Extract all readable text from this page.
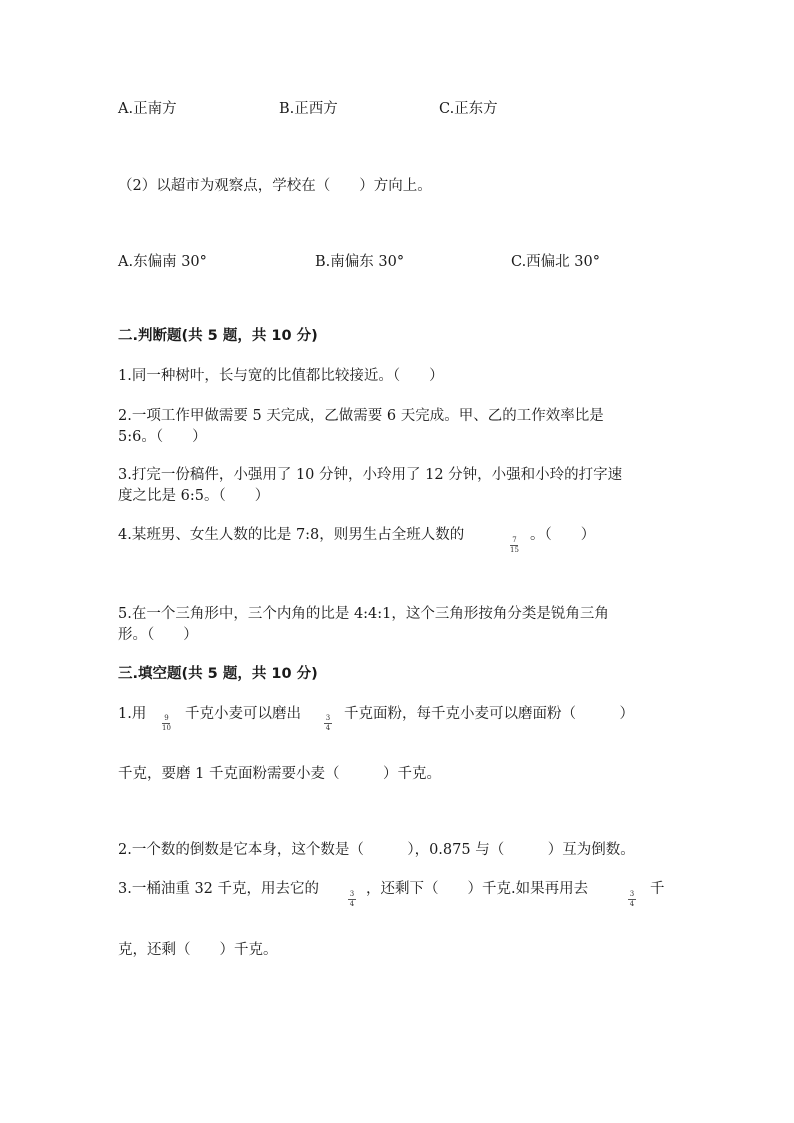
A.正南方	B.正西方	C.正东方
（2）以超市为观察点，学校在（　　）方向上。
A.东偏南 30°	B.南偏东 30°	C.西偏北 30°
二.判断题(共 5 题，共 10 分)
1.同一种树叶，长与宽的比值都比较接近。（　　）
2.一项工作甲做需要 5 天完成，乙做需要 6 天完成。甲、乙的工作效率比是
5:6。（　　）
3.打完一份稿件，小强用了 10 分钟，小玲用了 12 分钟，小强和小玲的打字速
度之比是 6:5。（　　）
4.某班男、女生人数的比是 7:8，则男生占全班人数的	7
15
。（　　）
5.在一个三角形中，三个内角的比是 4:4:1，这个三角形按角分类是锐角三角
形。（　　）
三.填空题(共 5 题，共 10 分)
1.用	9
10
千克小麦可以磨出	3
4
千克面粉，每千克小麦可以磨面粉（　　　）
千克，要磨 1 千克面粉需要小麦（　　　）千克。
2.一个数的倒数是它本身，这个数是（　　　），0.875 与（　　　）互为倒数。
3.一桶油重 32 千克，用去它的	3
4
，还剩下（　　）千克.如果再用去	3
4
千
克，还剩（　　）千克。
